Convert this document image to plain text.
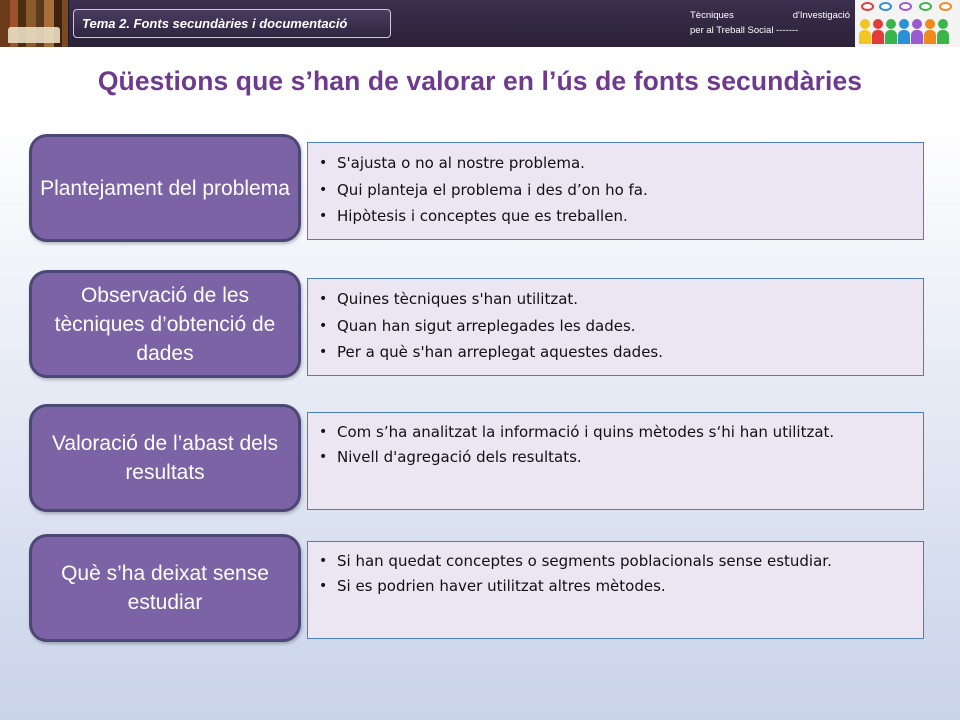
Tema 2. Fonts secundàries i documentació
Tècniques	d'Investigació
per al Treball Social -------
Qüestions que s’han de valorar en l’ús de fonts secundàries
Plantejament del problema
• S'ajusta o no al nostre problema.
• Qui planteja el problema i des d’on ho fa.
• Hipòtesis i conceptes que es treballen.
Observació de les tècniques d’obtenció de dades
• Quines tècniques s'han utilitzat.
• Quan han sigut arreplegades les dades.
• Per a què s'han arreplegat aquestes dades.
Valoració de l’abast dels resultats
• Com s’ha analitzat la informació i quins mètodes s‘hi han utilitzat.
• Nivell d'agregació dels resultats.
Què s’ha deixat sense estudiar
• Si han quedat conceptes o segments poblacionals sense estudiar.
• Si es podrien haver utilitzat altres mètodes.
